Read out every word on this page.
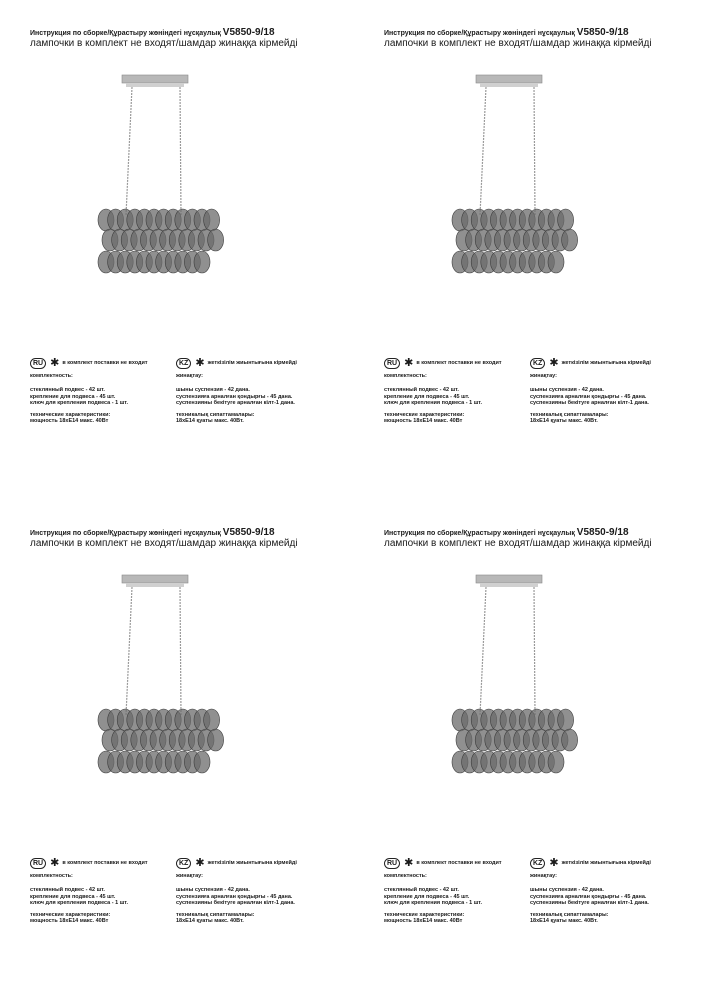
Инструкция по сборке/Құрастыру жөніндегі нұсқаулық V5850-9/18
лампочки в комплект не входят/шамдар жинаққа кірмейді
RU ✱ в комплект поставки не входит
комплектность:
стеклянный подвес - 42 шт.
крепление для подвеса - 45 шт.
ключ для крепления подвеса - 1 шт.
технические характеристики:
мощность 18xE14 макс. 40Вт
KZ ✱ жеткізілім жиынтығына кірмейді
жинақтау:
шыны суспензия - 42 дана.
суспензияға арналған қондырғы - 45 дана.
суспензияны бекітуге арналған кілт-1 дана.
техникалық сипаттамалары:
18xE14 қуаты макс. 40Вт.
Инструкция по сборке/Құрастыру жөніндегі нұсқаулық V5850-9/18
лампочки в комплект не входят/шамдар жинаққа кірмейді
RU ✱ в комплект поставки не входит
комплектность:
стеклянный подвес - 42 шт.
крепление для подвеса - 45 шт.
ключ для крепления подвеса - 1 шт.
технические характеристики:
мощность 18xE14 макс. 40Вт
KZ ✱ жеткізілім жиынтығына кірмейді
жинақтау:
шыны суспензия - 42 дана.
суспензияға арналған қондырғы - 45 дана.
суспензияны бекітуге арналған кілт-1 дана.
техникалық сипаттамалары:
18xE14 қуаты макс. 40Вт.
Инструкция по сборке/Құрастыру жөніндегі нұсқаулық V5850-9/18
лампочки в комплект не входят/шамдар жинаққа кірмейді
RU ✱ в комплект поставки не входит
комплектность:
стеклянный подвес - 42 шт.
крепление для подвеса - 45 шт.
ключ для крепления подвеса - 1 шт.
технические характеристики:
мощность 18xE14 макс. 40Вт
KZ ✱ жеткізілім жиынтығына кірмейді
жинақтау:
шыны суспензия - 42 дана.
суспензияға арналған қондырғы - 45 дана.
суспензияны бекітуге арналған кілт-1 дана.
техникалық сипаттамалары:
18xE14 қуаты макс. 40Вт.
Инструкция по сборке/Құрастыру жөніндегі нұсқаулық V5850-9/18
лампочки в комплект не входят/шамдар жинаққа кірмейді
RU ✱ в комплект поставки не входит
комплектность:
стеклянный подвес - 42 шт.
крепление для подвеса - 45 шт.
ключ для крепления подвеса - 1 шт.
технические характеристики:
мощность 18xE14 макс. 40Вт
KZ ✱ жеткізілім жиынтығына кірмейді
жинақтау:
шыны суспензия - 42 дана.
суспензияға арналған қондырғы - 45 дана.
суспензияны бекітуге арналған кілт-1 дана.
техникалық сипаттамалары:
18xE14 қуаты макс. 40Вт.
